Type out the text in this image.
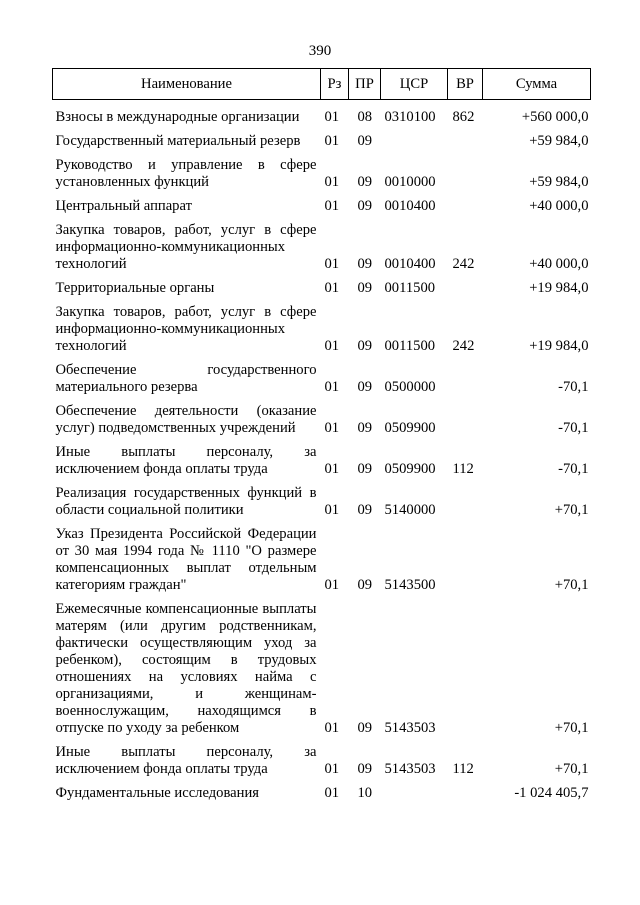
390
Наименование	Рз	ПР	ЦСР	ВР	Сумма
Взносы в международные организации	01	08	0310100	862	+560 000,0
Государственный материальный резерв	01	09			+59 984,0
Руководство и управление в сфере установленных функций	01	09	0010000		+59 984,0
Центральный аппарат	01	09	0010400		+40 000,0
Закупка товаров, работ, услуг в сфере информационно-коммуникационных технологий	01	09	0010400	242	+40 000,0
Территориальные органы	01	09	0011500		+19 984,0
Закупка товаров, работ, услуг в сфере информационно-коммуникационных технологий	01	09	0011500	242	+19 984,0
Обеспечение государственного материального резерва	01	09	0500000		-70,1
Обеспечение деятельности (оказание услуг) подведомственных учреждений	01	09	0509900		-70,1
Иные выплаты персоналу, за исключением фонда оплаты труда	01	09	0509900	112	-70,1
Реализация государственных функций в области социальной политики	01	09	5140000		+70,1
Указ Президента Российской Федерации от 30 мая 1994 года № 1110 "О размере компенсационных выплат отдельным категориям граждан"	01	09	5143500		+70,1
Ежемесячные компенсационные выплаты матерям (или другим родственникам, фактически осуществляющим уход за ребенком), состоящим в трудовых отношениях на условиях найма с организациями, и женщинам-военнослужащим, находящимся в отпуске по уходу за ребенком	01	09	5143503		+70,1
Иные выплаты персоналу, за исключением фонда оплаты труда	01	09	5143503	112	+70,1
Фундаментальные исследования	01	10			-1 024 405,7
